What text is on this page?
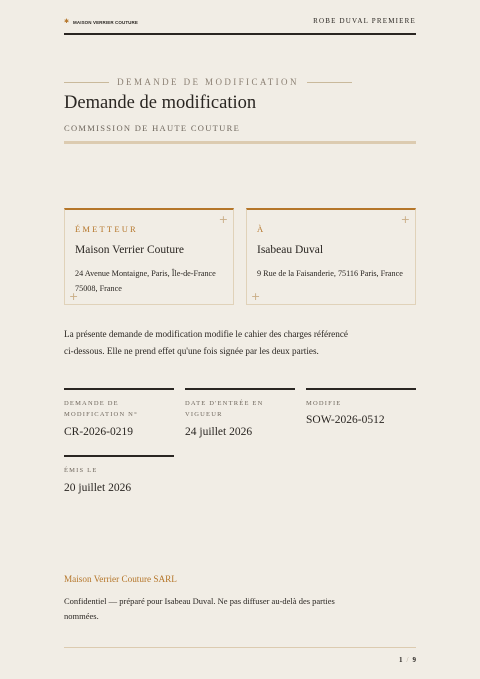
✱ MAISON VERRIER COUTURE	ROBE DUVAL PREMIERE
DEMANDE DE MODIFICATION
Demande de modification
COMMISSION DE HAUTE COUTURE
+
ÉMETTEUR
Maison Verrier Couture
24 Avenue Montaigne, Paris, Île-de-France 75008, France
+
+
À
Isabeau Duval
9 Rue de la Faisanderie, 75116 Paris, France
+
La présente demande de modification modifie le cahier des charges référencé ci-dessous. Elle ne prend effet qu'une fois signée par les deux parties.
DEMANDE DE MODIFICATION N°
CR-2026-0219
DATE D'ENTRÉE EN VIGUEUR
24 juillet 2026
MODIFIE
SOW-2026-0512
ÉMIS LE
20 juillet 2026
Maison Verrier Couture SARL
Confidentiel — préparé pour Isabeau Duval. Ne pas diffuser au-delà des parties nommées.
1 / 9
